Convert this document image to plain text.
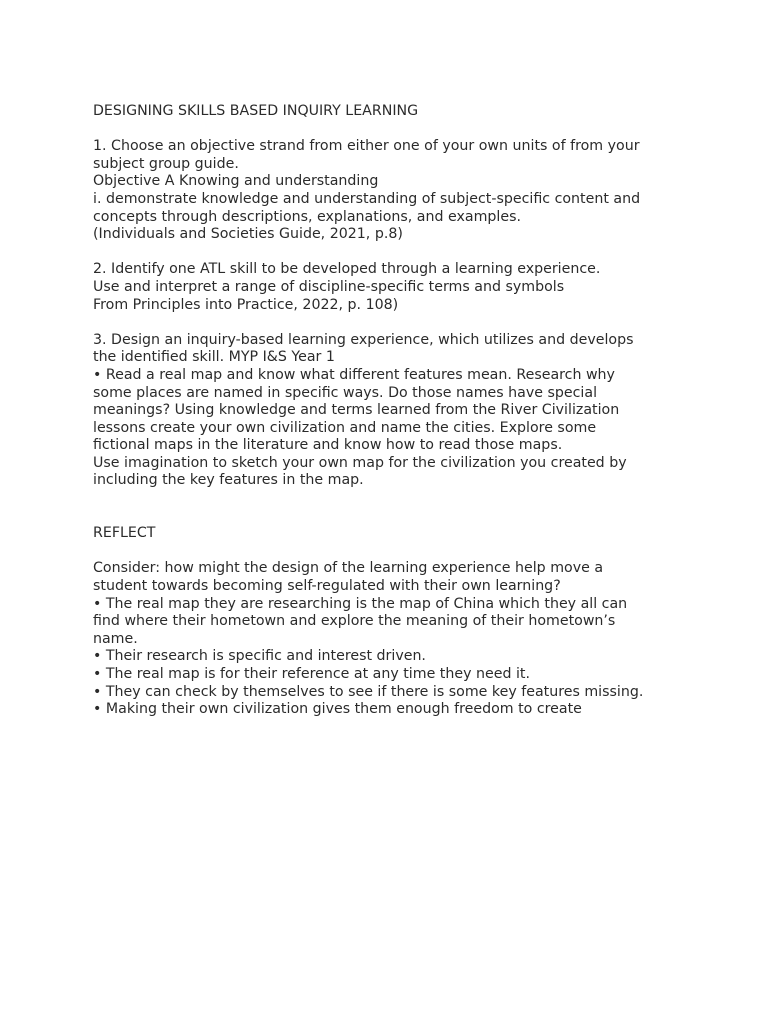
DESIGNING SKILLS BASED INQUIRY LEARNING
1. Choose an objective strand from either one of your own units of from your
subject group guide.
Objective A Knowing and understanding
i. demonstrate knowledge and understanding of subject-specific content and
concepts through descriptions, explanations, and examples.
(Individuals and Societies Guide, 2021, p.8)
2. Identify one ATL skill to be developed through a learning experience.
Use and interpret a range of discipline-specific terms and symbols
From Principles into Practice, 2022, p. 108)
3. Design an inquiry-based learning experience, which utilizes and develops
the identified skill. MYP I&S Year 1
• Read a real map and know what different features mean. Research why
some places are named in specific ways. Do those names have special
meanings? Using knowledge and terms learned from the River Civilization
lessons create your own civilization and name the cities. Explore some
fictional maps in the literature and know how to read those maps.
Use imagination to sketch your own map for the civilization you created by
including the key features in the map.
REFLECT
Consider: how might the design of the learning experience help move a
student towards becoming self-regulated with their own learning?
• The real map they are researching is the map of China which they all can
find where their hometown and explore the meaning of their hometown’s
name.
• Their research is specific and interest driven.
• The real map is for their reference at any time they need it.
• They can check by themselves to see if there is some key features missing.
• Making their own civilization gives them enough freedom to create
